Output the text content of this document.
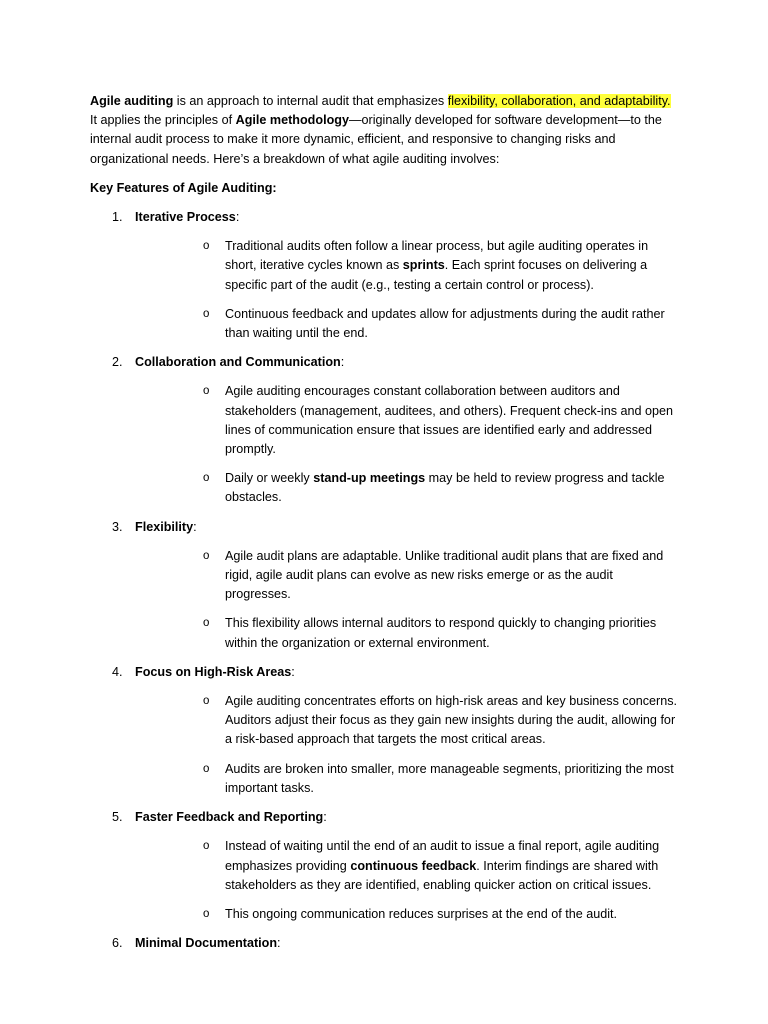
Agile auditing is an approach to internal audit that emphasizes flexibility, collaboration, and adaptability. It applies the principles of Agile methodology—originally developed for software development—to the internal audit process to make it more dynamic, efficient, and responsive to changing risks and organizational needs. Here’s a breakdown of what agile auditing involves:

Key Features of Agile Auditing:

1. Iterative Process:

o Traditional audits often follow a linear process, but agile auditing operates in short, iterative cycles known as sprints. Each sprint focuses on delivering a specific part of the audit (e.g., testing a certain control or process).

o Continuous feedback and updates allow for adjustments during the audit rather than waiting until the end.

2. Collaboration and Communication:

o Agile auditing encourages constant collaboration between auditors and stakeholders (management, auditees, and others). Frequent check-ins and open lines of communication ensure that issues are identified early and addressed promptly.

o Daily or weekly stand-up meetings may be held to review progress and tackle obstacles.

3. Flexibility:

o Agile audit plans are adaptable. Unlike traditional audit plans that are fixed and rigid, agile audit plans can evolve as new risks emerge or as the audit progresses.

o This flexibility allows internal auditors to respond quickly to changing priorities within the organization or external environment.

4. Focus on High-Risk Areas:

o Agile auditing concentrates efforts on high-risk areas and key business concerns. Auditors adjust their focus as they gain new insights during the audit, allowing for a risk-based approach that targets the most critical areas.

o Audits are broken into smaller, more manageable segments, prioritizing the most important tasks.

5. Faster Feedback and Reporting:

o Instead of waiting until the end of an audit to issue a final report, agile auditing emphasizes providing continuous feedback. Interim findings are shared with stakeholders as they are identified, enabling quicker action on critical issues.

o This ongoing communication reduces surprises at the end of the audit.

6. Minimal Documentation:
